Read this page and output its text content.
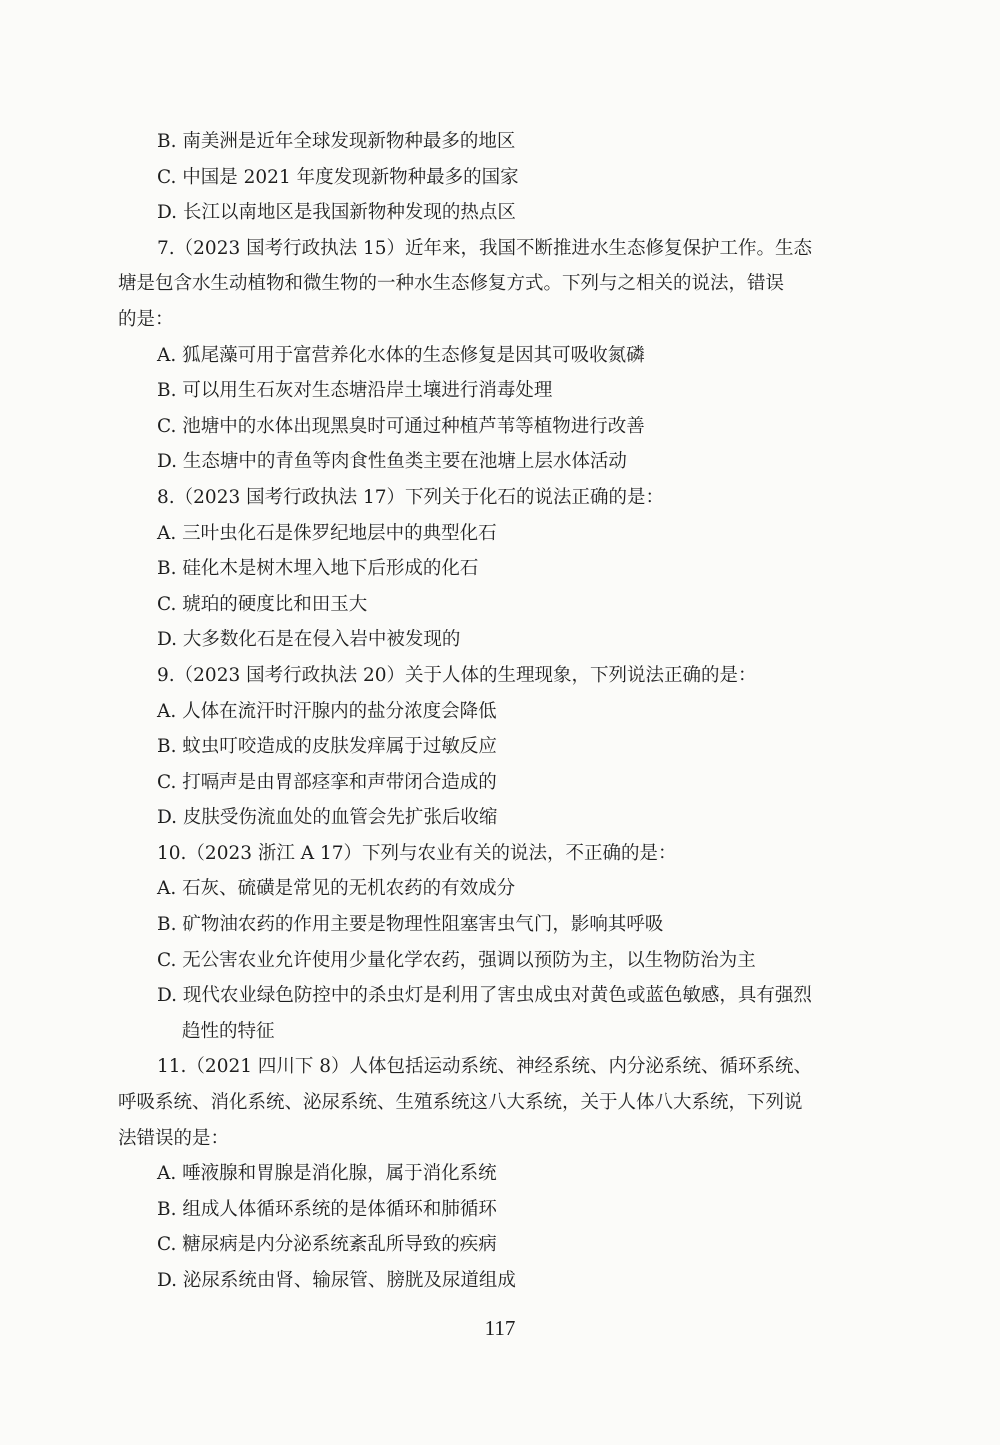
B. 南美洲是近年全球发现新物种最多的地区
C. 中国是 2021 年度发现新物种最多的国家
D. 长江以南地区是我国新物种发现的热点区
7.（2023 国考行政执法 15）近年来，我国不断推进水生态修复保护工作。生态
塘是包含水生动植物和微生物的一种水生态修复方式。下列与之相关的说法，错误
的是：
A. 狐尾藻可用于富营养化水体的生态修复是因其可吸收氮磷
B. 可以用生石灰对生态塘沿岸土壤进行消毒处理
C. 池塘中的水体出现黑臭时可通过种植芦苇等植物进行改善
D. 生态塘中的青鱼等肉食性鱼类主要在池塘上层水体活动
8.（2023 国考行政执法 17）下列关于化石的说法正确的是：
A. 三叶虫化石是侏罗纪地层中的典型化石
B. 硅化木是树木埋入地下后形成的化石
C. 琥珀的硬度比和田玉大
D. 大多数化石是在侵入岩中被发现的
9.（2023 国考行政执法 20）关于人体的生理现象，下列说法正确的是：
A. 人体在流汗时汗腺内的盐分浓度会降低
B. 蚊虫叮咬造成的皮肤发痒属于过敏反应
C. 打嗝声是由胃部痉挛和声带闭合造成的
D. 皮肤受伤流血处的血管会先扩张后收缩
10.（2023 浙江 A 17）下列与农业有关的说法，不正确的是：
A. 石灰、硫磺是常见的无机农药的有效成分
B. 矿物油农药的作用主要是物理性阻塞害虫气门，影响其呼吸
C. 无公害农业允许使用少量化学农药，强调以预防为主，以生物防治为主
D. 现代农业绿色防控中的杀虫灯是利用了害虫成虫对黄色或蓝色敏感，具有强烈
趋性的特征
11.（2021 四川下 8）人体包括运动系统、神经系统、内分泌系统、循环系统、
呼吸系统、消化系统、泌尿系统、生殖系统这八大系统，关于人体八大系统，下列说
法错误的是：
A. 唾液腺和胃腺是消化腺，属于消化系统
B. 组成人体循环系统的是体循环和肺循环
C. 糖尿病是内分泌系统紊乱所导致的疾病
D. 泌尿系统由肾、输尿管、膀胱及尿道组成
117
